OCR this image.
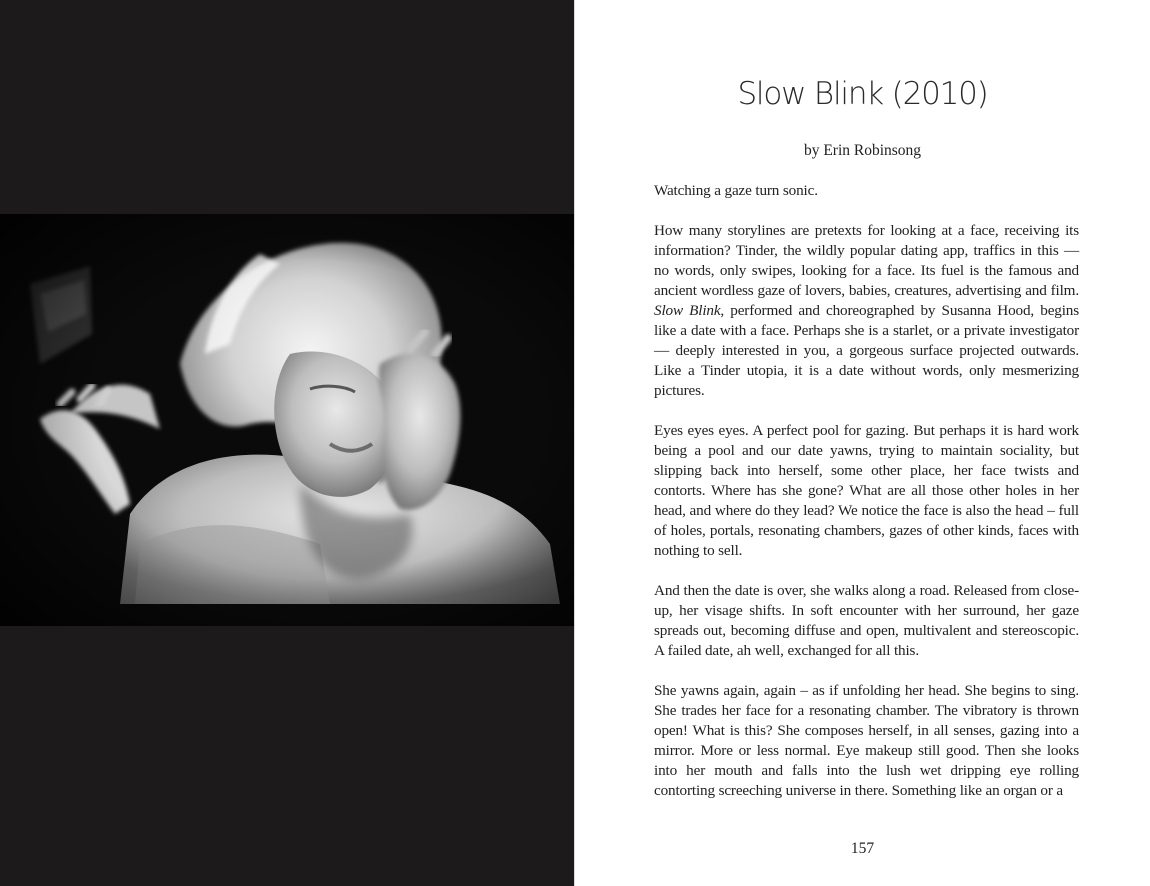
Slow Blink (2010)

by Erin Robinsong

Watching a gaze turn sonic.

How many storylines are pretexts for looking at a face, receiving its information? Tinder, the wildly popular dating app, traffics in this — no words, only swipes, looking for a face. Its fuel is the famous and ancient wordless gaze of lovers, babies, creatures, advertising and film. Slow Blink, performed and choreographed by Susanna Hood, begins like a date with a face. Perhaps she is a starlet, or a private investigator — deeply interested in you, a gorgeous surface projected outwards. Like a Tinder utopia, it is a date without words, only mesmerizing pictures.

Eyes eyes eyes. A perfect pool for gazing. But perhaps it is hard work being a pool and our date yawns, trying to maintain sociality, but slipping back into herself, some other place, her face twists and contorts. Where has she gone? What are all those other holes in her head, and where do they lead? We notice the face is also the head – full of holes, portals, resonating chambers, gazes of other kinds, faces with nothing to sell.

And then the date is over, she walks along a road. Released from close-up, her visage shifts. In soft encounter with her surround, her gaze spreads out, becoming diffuse and open, multivalent and stereoscopic. A failed date, ah well, exchanged for all this.

She yawns again, again – as if unfolding her head. She begins to sing. She trades her face for a resonating chamber. The vibratory is thrown open! What is this? She composes herself, in all senses, gazing into a mirror. More or less normal. Eye makeup still good. Then she looks into her mouth and falls into the lush wet dripping eye rolling contorting screeching universe in there. Something like an organ or a

157
